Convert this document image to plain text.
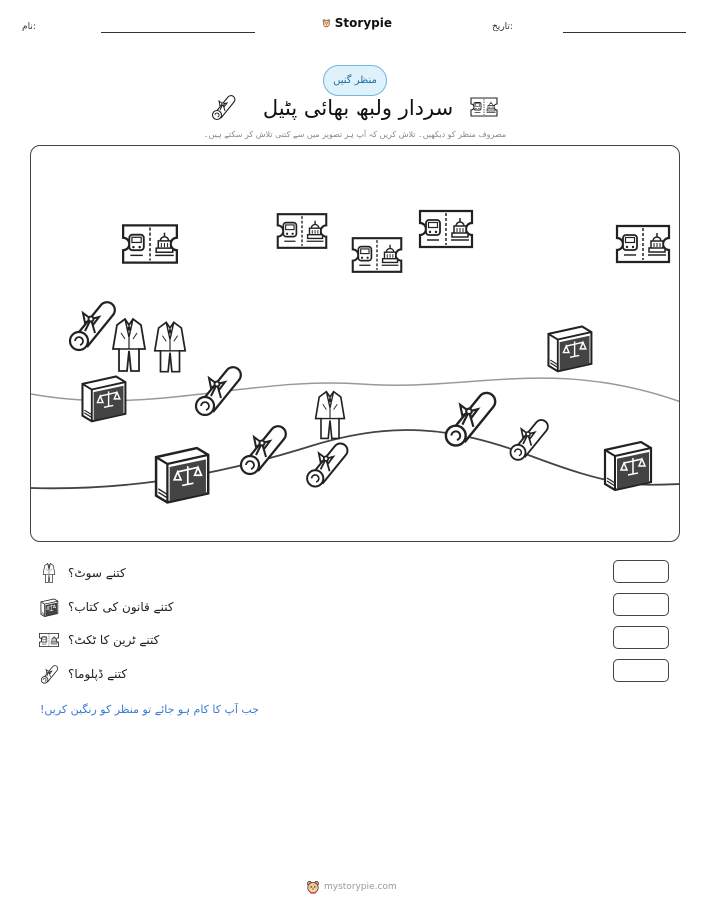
نام:	Storypie	تاریخ:
منظر گنیں
سردار ولبھ بھائی پٹیل
مصروف منظر کو دیکھیں۔ تلاش کریں کہ آپ ہر تصویر میں سے کتنی تلاش کر سکتے ہیں۔
کتنے سوٹ؟
کتنے قانون کی کتاب؟
کتنے ٹرین کا ٹکٹ؟
کتنے ڈپلوما؟
جب آپ کا کام ہو جائے تو منظر کو رنگین کریں!
mystorypie.com
